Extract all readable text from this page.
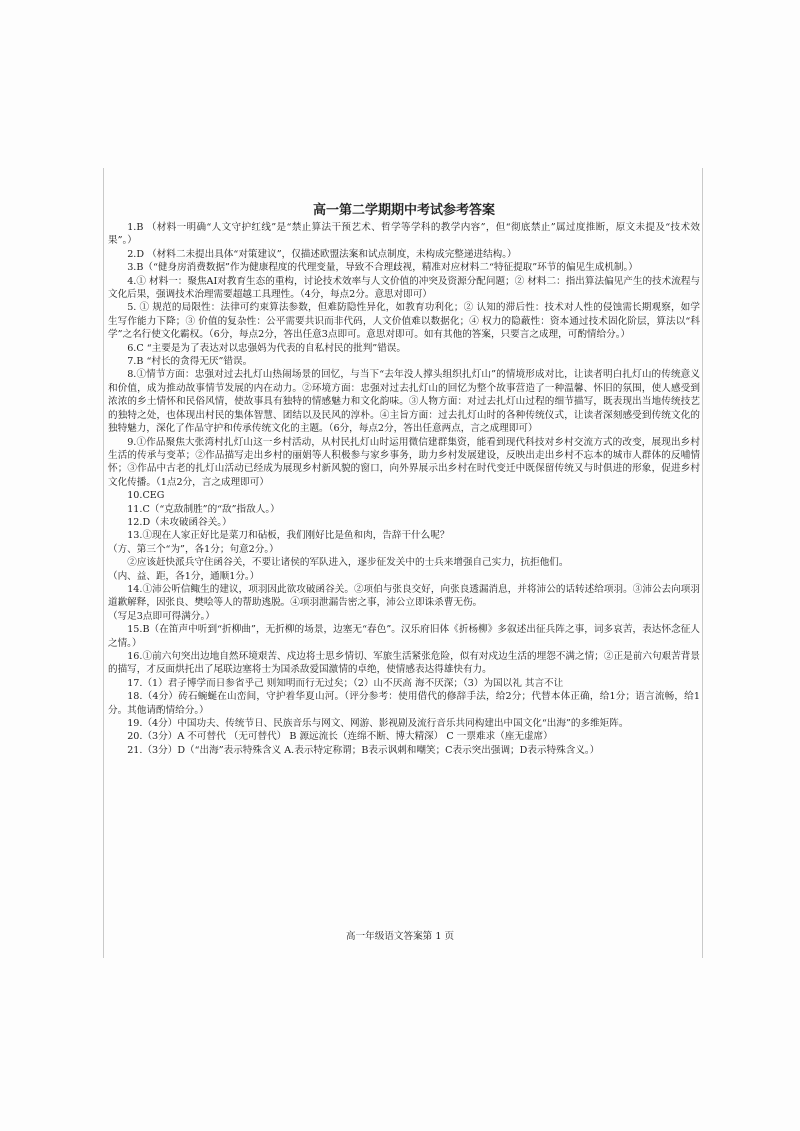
高一第二学期期中考试参考答案

1.B （材料一明确“人文守护红线”是“禁止算法干预艺术、哲学等学科的教学内容”，但“彻底禁止”属过度推断，原文未提及“技术效果”。）

2.D （材料二未提出具体“对策建议”，仅描述欧盟法案和试点制度，未构成完整递进结构。）

3.B（“健身房消费数据”作为健康程度的代理变量，导致不合理歧视，精准对应材料二“特征提取”环节的偏见生成机制。）

4.① 材料一：聚焦AI对教育生态的重构，讨论技术效率与人文价值的冲突及资源分配问题；② 材料二：指出算法偏见产生的技术流程与文化后果，强调技术治理需要超越工具理性。（4分，每点2分。意思对即可）

5. ① 规范的局限性：法律可约束算法参数，但难防隐性异化，如教育功利化；② 认知的滞后性：技术对人性的侵蚀需长期观察，如学生写作能力下降；③ 价值的复杂性：公平需要共识而非代码，人文价值难以数据化；④ 权力的隐蔽性：资本通过技术固化阶层，算法以“科学”之名行使文化霸权。（6分，每点2分，答出任意3点即可。意思对即可。如有其他的答案，只要言之成理，可酌情给分。）

6.C “主要是为了表达对以忠强妈为代表的自私村民的批判”错误。

7.B “村长的贪得无厌”错误。

8.①情节方面：忠强对过去扎灯山热闹场景的回忆，与当下“去年没人撑头组织扎灯山”的情境形成对比，让读者明白扎灯山的传统意义和价值，成为推动故事情节发展的内在动力。②环境方面：忠强对过去扎灯山的回忆为整个故事营造了一种温馨、怀旧的氛围，使人感受到浓浓的乡土情怀和民俗风情，使故事具有独特的情感魅力和文化韵味。③人物方面：对过去扎灯山过程的细节描写，既表现出当地传统技艺的独特之处，也体现出村民的集体智慧、团结以及民风的淳朴。④主旨方面：过去扎灯山时的各种传统仪式，让读者深刻感受到传统文化的独特魅力，深化了作品守护和传承传统文化的主题。（6分，每点2分，答出任意两点，言之成理即可）

9.①作品聚焦大张湾村扎灯山这一乡村活动，从村民扎灯山时运用微信建群集资，能看到现代科技对乡村交流方式的改变，展现出乡村生活的传承与变革；②作品描写走出乡村的丽娟等人积极参与家乡事务，助力乡村发展建设，反映出走出乡村不忘本的城市人群体的反哺情怀；③作品中古老的扎灯山活动已经成为展现乡村新风貌的窗口，向外界展示出乡村在时代变迁中既保留传统又与时俱进的形象，促进乡村文化传播。（1点2分，言之成理即可）

10.CEG

11.C（“克敌制胜”的“敌”指敌人。）

12.D（未攻破函谷关。）

13.①现在人家正好比是菜刀和砧板，我们刚好比是鱼和肉，告辞干什么呢？

（方、第三个“为”，各1分；句意2分。）

②应该赶快派兵守住函谷关，不要让诸侯的军队进入，逐步征发关中的士兵来增强自己实力，抗拒他们。

（内、益、距，各1分，通顺1分。）

14.①沛公听信鲰生的建议，项羽因此欲攻破函谷关。②项伯与张良交好，向张良透漏消息，并将沛公的话转述给项羽。③沛公去向项羽道歉解释，因张良、樊哙等人的帮助逃脱。④项羽泄漏告密之事，沛公立即诛杀曹无伤。

（写足3点即可得满分。）

15.B（在笛声中听到“折柳曲”，无折柳的场景，边塞无“春色”。汉乐府旧体《折杨柳》多叙述出征兵阵之事，词多哀苦，表达怀念征人之情。）

16.①前六句突出边地自然环境艰苦、戍边将士思乡情切、军旅生活紧张危险，似有对戍边生活的埋怨不满之情；②正是前六句艰苦背景的描写，才反面烘托出了尾联边塞将士为国杀敌爱国激情的卓绝，使情感表达得雄快有力。

17.（1）君子博学而日参省乎己 则知明而行无过矣；（2）山不厌高 海不厌深；（3）为国以礼 其言不让

18.（4分）砖石蜿蜒在山峦间，守护着华夏山河。（评分参考：使用借代的修辞手法，给2分；代替本体正确，给1分；语言流畅，给1分。其他请酌情给分。）

19.（4分）中国功夫、传统节日、民族音乐与网文、网游、影视剧及流行音乐共同构建出中国文化“出海”的多维矩阵。

20.（3分）A 不可替代 （无可替代） B 源远流长（连绵不断、博大精深） C 一票难求（座无虚席）

21.（3分）D（“出海”表示特殊含义 A.表示特定称谓；B表示讽刺和嘲笑；C表示突出强调；D表示特殊含义。）

高一年级语文答案第 1 页
